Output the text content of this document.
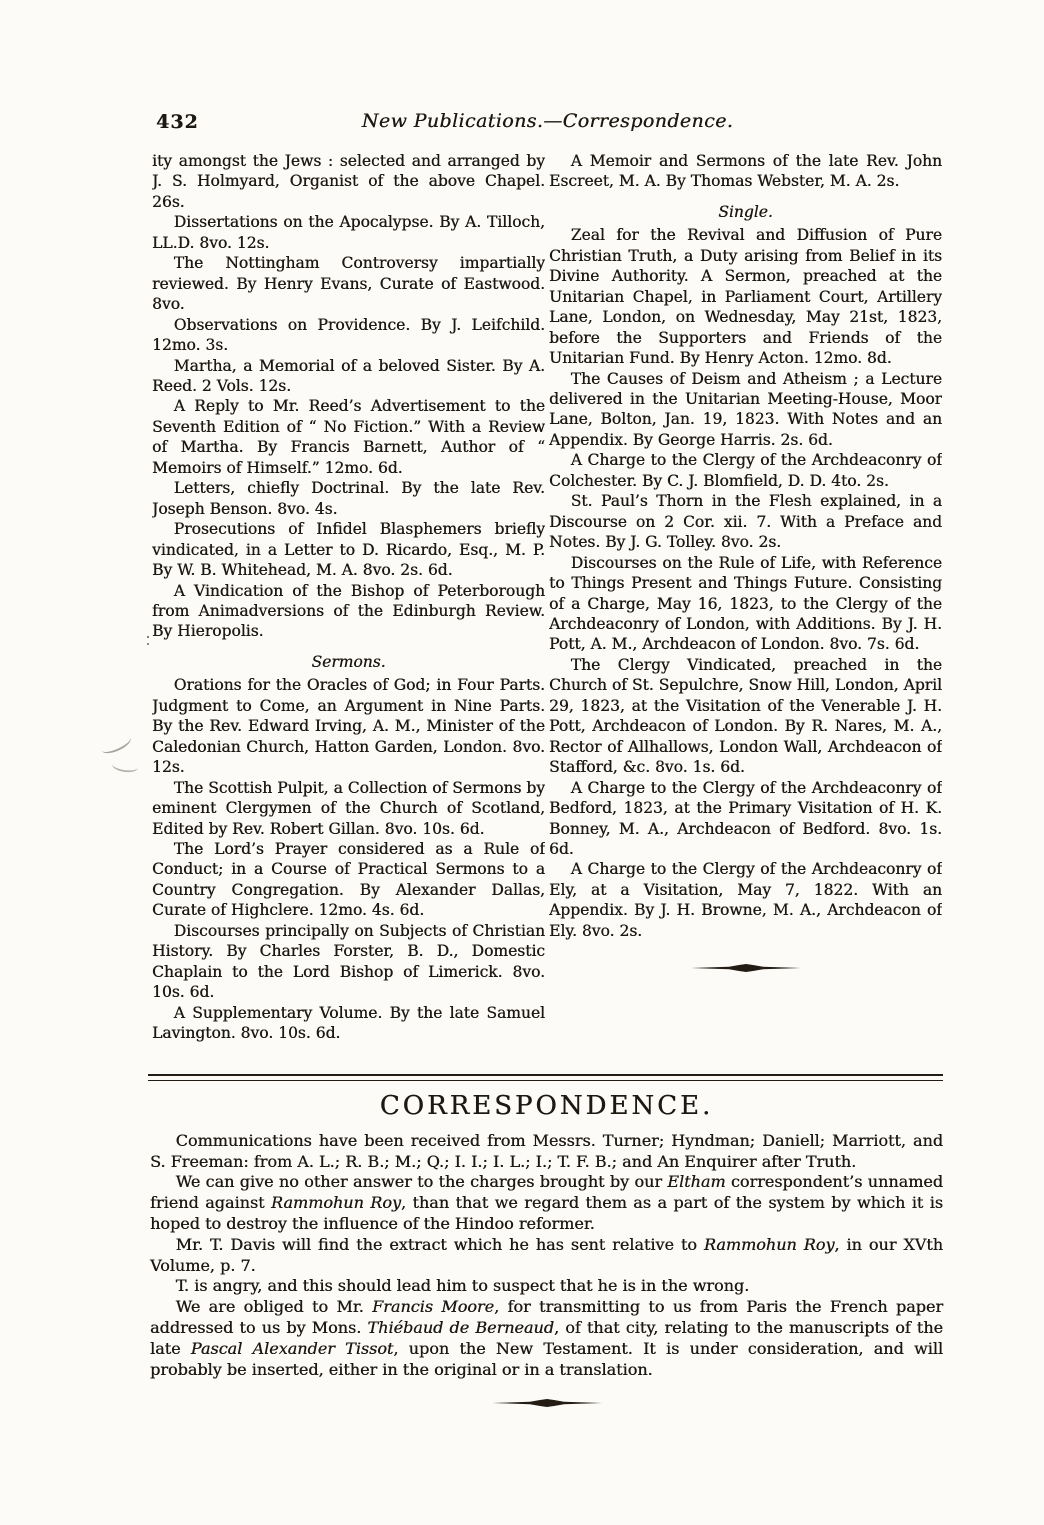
432	New Publications.—Correspondence.

ity amongst the Jews : selected and arranged by J. S. Holmyard, Organist of the above Chapel. 26s.

Dissertations on the Apocalypse. By A. Tilloch, LL.D. 8vo. 12s.

The Nottingham Controversy impartially reviewed. By Henry Evans, Curate of Eastwood. 8vo.

Observations on Providence. By J. Leifchild. 12mo. 3s.

Martha, a Memorial of a beloved Sister. By A. Reed. 2 Vols. 12s.

A Reply to Mr. Reed’s Advertisement to the Seventh Edition of “ No Fiction.” With a Review of Martha. By Francis Barnett, Author of “ Memoirs of Himself.” 12mo. 6d.

Letters, chiefly Doctrinal. By the late Rev. Joseph Benson. 8vo. 4s.

Prosecutions of Infidel Blasphemers briefly vindicated, in a Letter to D. Ricardo, Esq., M. P. By W. B. Whitehead, M. A. 8vo. 2s. 6d.

A Vindication of the Bishop of Peterborough from Animadversions of the Edinburgh Review. By Hieropolis.

Sermons.

Orations for the Oracles of God; in Four Parts. Judgment to Come, an Argument in Nine Parts. By the Rev. Edward Irving, A. M., Minister of the Caledonian Church, Hatton Garden, London. 8vo. 12s.

The Scottish Pulpit, a Collection of Sermons by eminent Clergymen of the Church of Scotland, Edited by Rev. Robert Gillan. 8vo. 10s. 6d.

The Lord’s Prayer considered as a Rule of Conduct; in a Course of Practical Sermons to a Country Congregation. By Alexander Dallas, Curate of Highclere. 12mo. 4s. 6d.

Discourses principally on Subjects of Christian History. By Charles Forster, B. D., Domestic Chaplain to the Lord Bishop of Limerick. 8vo. 10s. 6d.

A Supplementary Volume. By the late Samuel Lavington. 8vo. 10s. 6d.

A Memoir and Sermons of the late Rev. John Escreet, M. A. By Thomas Webster, M. A. 2s.

Single.

Zeal for the Revival and Diffusion of Pure Christian Truth, a Duty arising from Belief in its Divine Authority. A Sermon, preached at the Unitarian Chapel, in Parliament Court, Artillery Lane, London, on Wednesday, May 21st, 1823, before the Supporters and Friends of the Unitarian Fund. By Henry Acton. 12mo. 8d.

The Causes of Deism and Atheism ; a Lecture delivered in the Unitarian Meeting-House, Moor Lane, Bolton, Jan. 19, 1823. With Notes and an Appendix. By George Harris. 2s. 6d.

A Charge to the Clergy of the Archdeaconry of Colchester. By C. J. Blomfield, D. D. 4to. 2s.

St. Paul’s Thorn in the Flesh explained, in a Discourse on 2 Cor. xii. 7. With a Preface and Notes. By J. G. Tolley. 8vo. 2s.

Discourses on the Rule of Life, with Reference to Things Present and Things Future. Consisting of a Charge, May 16, 1823, to the Clergy of the Archdeaconry of London, with Additions. By J. H. Pott, A. M., Archdeacon of London. 8vo. 7s. 6d.

The Clergy Vindicated, preached in the Church of St. Sepulchre, Snow Hill, London, April 29, 1823, at the Visitation of the Venerable J. H. Pott, Archdeacon of London. By R. Nares, M. A., Rector of Allhallows, London Wall, Archdeacon of Stafford, &c. 8vo. 1s. 6d.

A Charge to the Clergy of the Archdeaconry of Bedford, 1823, at the Primary Visitation of H. K. Bonney, M. A., Archdeacon of Bedford. 8vo. 1s. 6d.

A Charge to the Clergy of the Archdeaconry of Ely, at a Visitation, May 7, 1822. With an Appendix. By J. H. Browne, M. A., Archdeacon of Ely. 8vo. 2s.

CORRESPONDENCE.

Communications have been received from Messrs. Turner; Hyndman; Daniell; Marriott, and S. Freeman: from A. L.; R. B.; M.; Q.; I. I.; I. L.; I.; T. F. B.; and An Enquirer after Truth.

We can give no other answer to the charges brought by our Eltham correspondent’s unnamed friend against Rammohun Roy, than that we regard them as a part of the system by which it is hoped to destroy the influence of the Hindoo reformer.

Mr. T. Davis will find the extract which he has sent relative to Rammohun Roy, in our XVth Volume, p. 7.

T. is angry, and this should lead him to suspect that he is in the wrong.

We are obliged to Mr. Francis Moore, for transmitting to us from Paris the French paper addressed to us by Mons. Thiébaud de Berneaud, of that city, relating to the manuscripts of the late Pascal Alexander Tissot, upon the New Testament. It is under consideration, and will probably be inserted, either in the original or in a translation.
